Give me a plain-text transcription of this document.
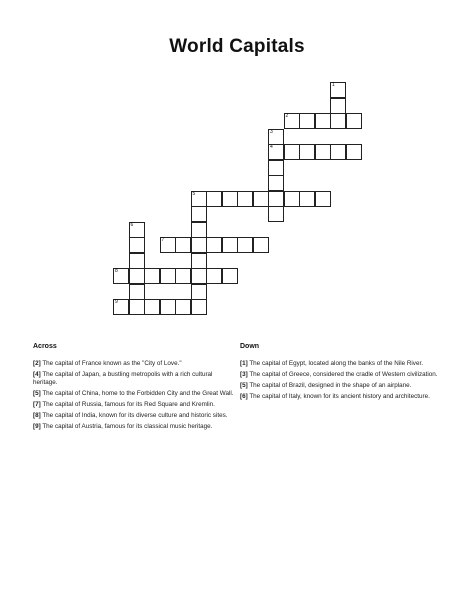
World Capitals
1
2
4
5
7
8
9
3
6
Across
[2] The capital of France known as the "City of Love."
[4] The capital of Japan, a bustling metropolis with a rich cultural heritage.
[5] The capital of China, home to the Forbidden City and the Great Wall.
[7] The capital of Russia, famous for its Red Square and Kremlin.
[8] The capital of India, known for its diverse culture and historic sites.
[9] The capital of Austria, famous for its classical music heritage.
Down
[1] The capital of Egypt, located along the banks of the Nile River.
[3] The capital of Greece, considered the cradle of Western civilization.
[5] The capital of Brazil, designed in the shape of an airplane.
[6] The capital of Italy, known for its ancient history and architecture.
